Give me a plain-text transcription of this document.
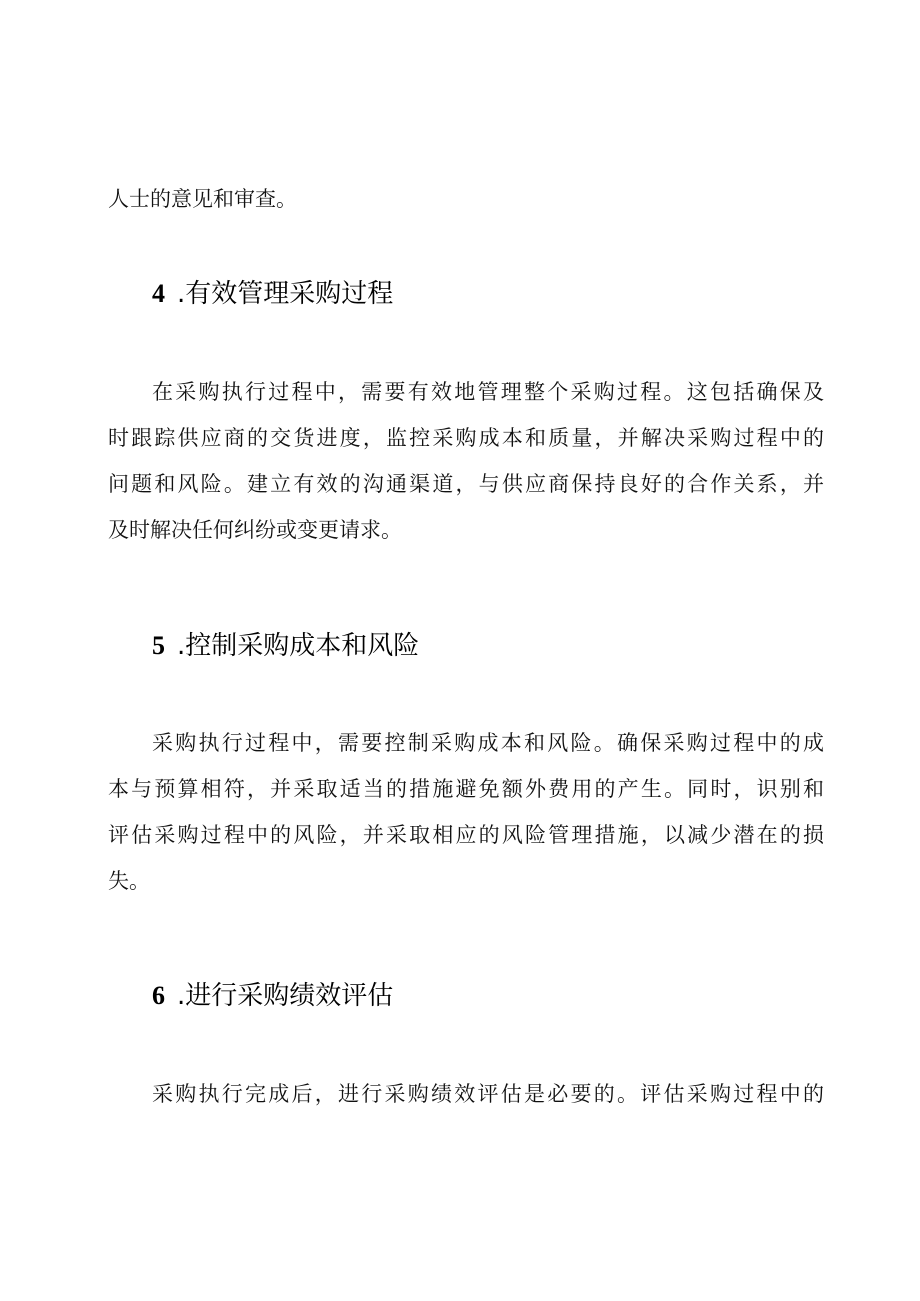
人士的意见和审查。

4 .有效管理采购过程

在采购执行过程中，需要有效地管理整个采购过程。这包括确保及

时跟踪供应商的交货进度，监控采购成本和质量，并解决采购过程中的

问题和风险。建立有效的沟通渠道，与供应商保持良好的合作关系，并

及时解决任何纠纷或变更请求。

5 .控制采购成本和风险

采购执行过程中，需要控制采购成本和风险。确保采购过程中的成

本与预算相符，并采取适当的措施避免额外费用的产生。同时，识别和

评估采购过程中的风险，并采取相应的风险管理措施，以减少潜在的损

失。

6 .进行采购绩效评估

采购执行完成后，进行采购绩效评估是必要的。评估采购过程中的
